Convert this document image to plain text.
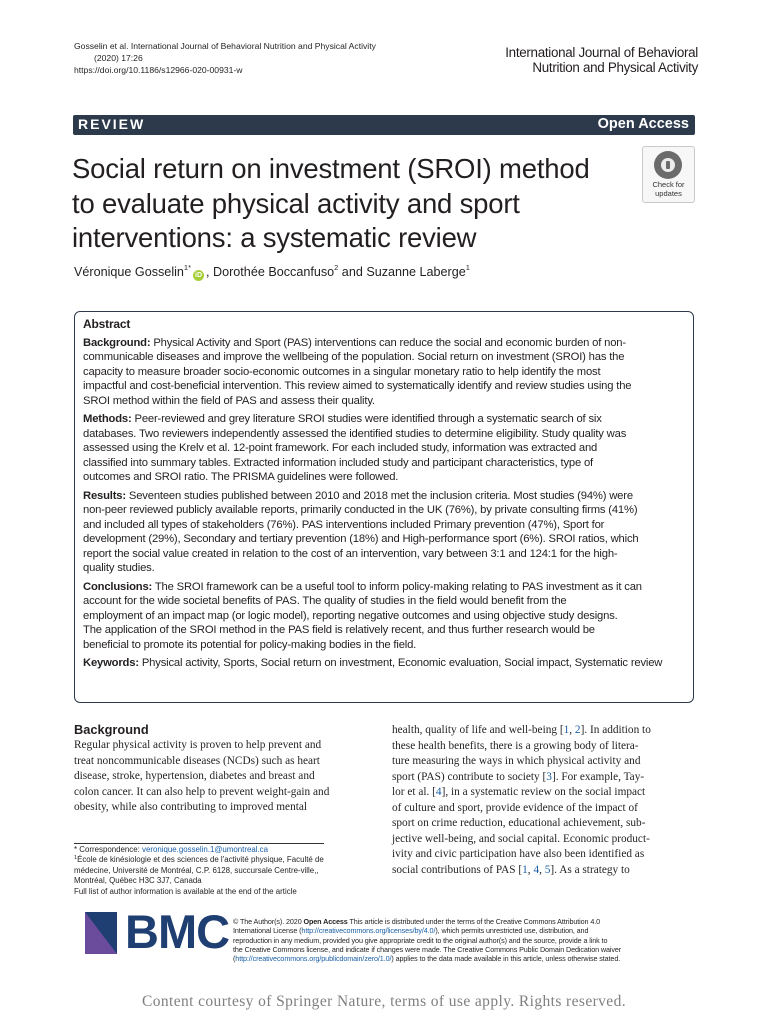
Gosselin et al. International Journal of Behavioral Nutrition and Physical Activity
(2020) 17:26
https://doi.org/10.1186/s12966-020-00931-w
International Journal of Behavioral
Nutrition and Physical Activity
REVIEW	Open Access
Social return on investment (SROI) method
to evaluate physical activity and sport
interventions: a systematic review
Check for
updates
Véronique Gosselin$^{1*}$iD , Dorothée Boccanfuso$^2$ and Suzanne Laberge$^1$
Abstract
Background: Physical Activity and Sport (PAS) interventions can reduce the social and economic burden of non-
communicable diseases and improve the wellbeing of the population. Social return on investment (SROI) has the
capacity to measure broader socio-economic outcomes in a singular monetary ratio to help identify the most
impactful and cost-beneficial intervention. This review aimed to systematically identify and review studies using the
SROI method within the field of PAS and assess their quality.
Methods: Peer-reviewed and grey literature SROI studies were identified through a systematic search of six
databases. Two reviewers independently assessed the identified studies to determine eligibility. Study quality was
assessed using the Krelv et al. 12-point framework. For each included study, information was extracted and
classified into summary tables. Extracted information included study and participant characteristics, type of
outcomes and SROI ratio. The PRISMA guidelines were followed.
Results: Seventeen studies published between 2010 and 2018 met the inclusion criteria. Most studies (94%) were
non-peer reviewed publicly available reports, primarily conducted in the UK (76%), by private consulting firms (41%)
and included all types of stakeholders (76%). PAS interventions included Primary prevention (47%), Sport for
development (29%), Secondary and tertiary prevention (18%) and High-performance sport (6%). SROI ratios, which
report the social value created in relation to the cost of an intervention, vary between 3:1 and 124:1 for the high-
quality studies.
Conclusions: The SROI framework can be a useful tool to inform policy-making relating to PAS investment as it can
account for the wide societal benefits of PAS. The quality of studies in the field would benefit from the
employment of an impact map (or logic model), reporting negative outcomes and using objective study designs.
The application of the SROI method in the PAS field is relatively recent, and thus further research would be
beneficial to promote its potential for policy-making bodies in the field.
Keywords: Physical activity, Sports, Social return on investment, Economic evaluation, Social impact, Systematic review
Background
Regular physical activity is proven to help prevent and
treat noncommunicable diseases (NCDs) such as heart
disease, stroke, hypertension, diabetes and breast and
colon cancer. It can also help to prevent weight-gain and
obesity, while also contributing to improved mental
health, quality of life and well-being [1, 2]. In addition to
these health benefits, there is a growing body of litera-
ture measuring the ways in which physical activity and
sport (PAS) contribute to society [3]. For example, Tay-
lor et al. [4], in a systematic review on the social impact
of culture and sport, provide evidence of the impact of
sport on crime reduction, educational achievement, sub-
jective well-being, and social capital. Economic product-
ivity and civic participation have also been identified as
social contributions of PAS [1, 4, 5]. As a strategy to
* Correspondence: veronique.gosselin.1@umontreal.ca
$^1$École de kinésiologie et des sciences de l'activité physique, Faculté de
médecine, Université de Montréal, C.P. 6128, succursale Centre-ville,,
Montréal, Québec H3C 3J7, Canada
Full list of author information is available at the end of the article
BMC © The Author(s). 2020 Open Access This article is distributed under the terms of the Creative Commons Attribution 4.0
International License (http://creativecommons.org/licenses/by/4.0/), which permits unrestricted use, distribution, and
reproduction in any medium, provided you give appropriate credit to the original author(s) and the source, provide a link to
the Creative Commons license, and indicate if changes were made. The Creative Commons Public Domain Dedication waiver
(http://creativecommons.org/publicdomain/zero/1.0/) applies to the data made available in this article, unless otherwise stated.
Content courtesy of Springer Nature, terms of use apply. Rights reserved.
